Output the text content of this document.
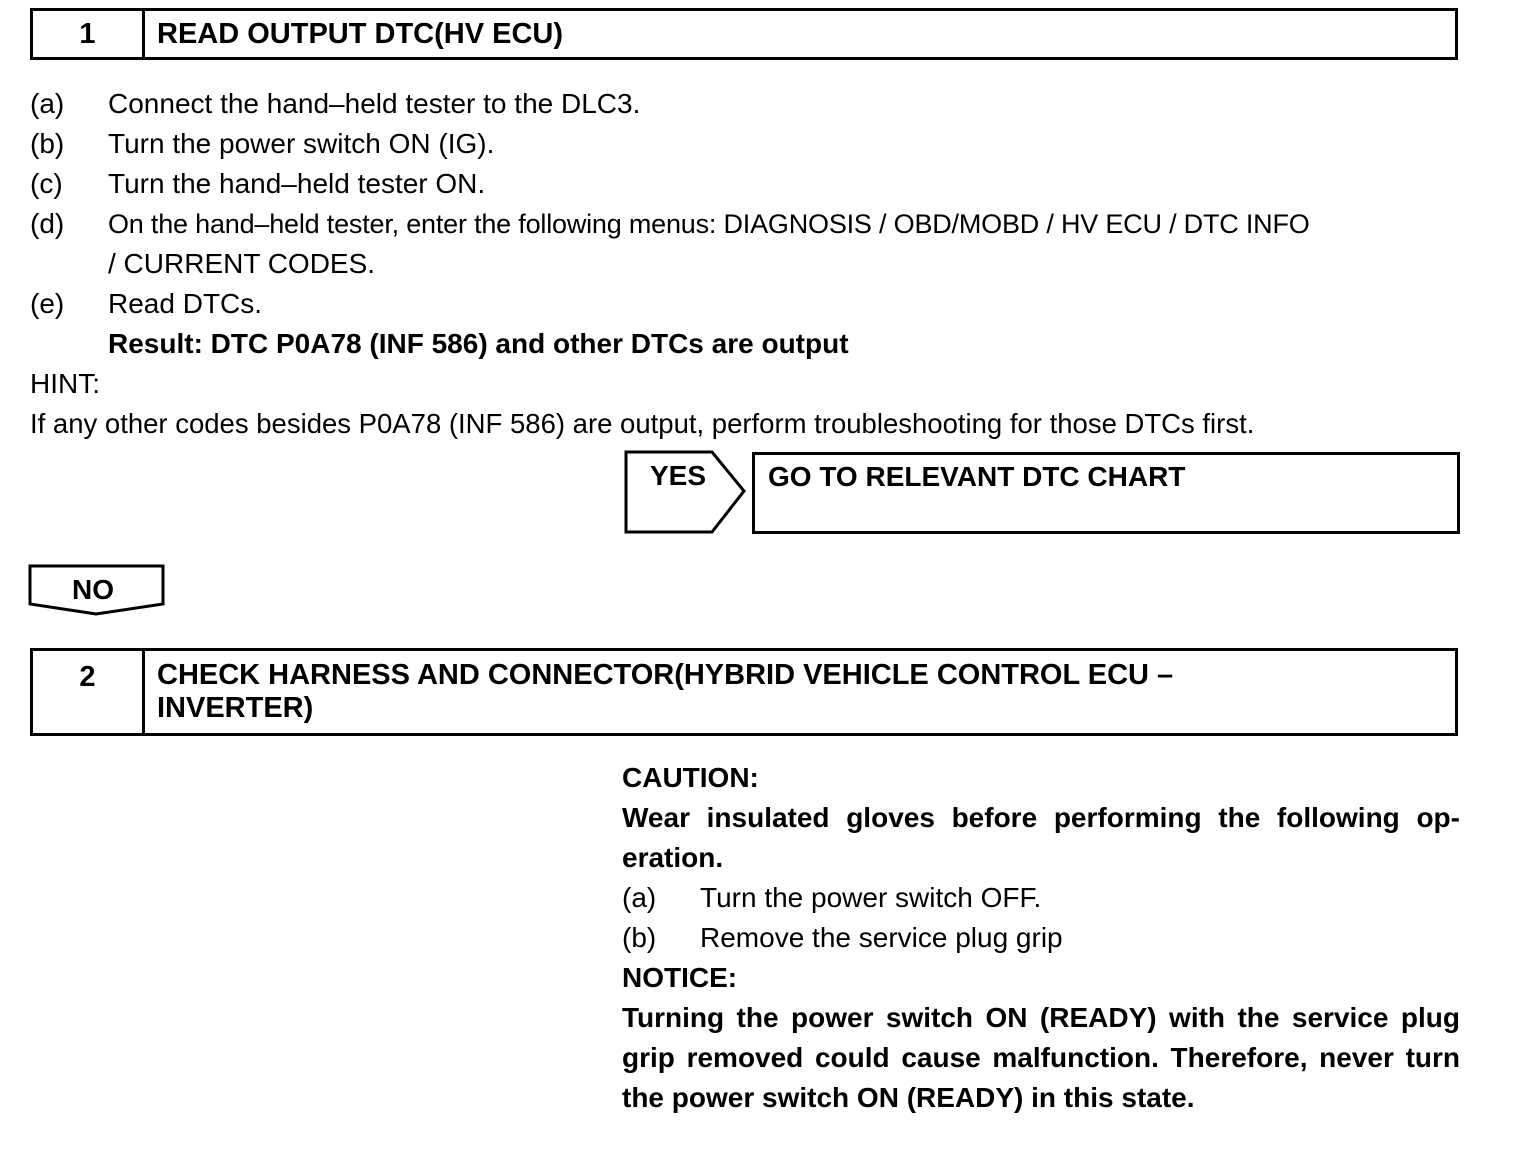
1	READ OUTPUT DTC(HV ECU)
(a) Connect the hand–held tester to the DLC3.
(b) Turn the power switch ON (IG).
(c) Turn the hand–held tester ON.
(d) On the hand–held tester, enter the following menus: DIAGNOSIS / OBD/MOBD / HV ECU / DTC INFO
/ CURRENT CODES.
(e) Read DTCs.
Result: DTC P0A78 (INF 586) and other DTCs are output
HINT:
If any other codes besides P0A78 (INF 586) are output, perform troubleshooting for those DTCs first.
YES	GO TO RELEVANT DTC CHART
NO
2	CHECK HARNESS AND CONNECTOR(HYBRID VEHICLE CONTROL ECU –
INVERTER)
CAUTION:
Wear insulated gloves before performing the following op-eration.
(a) Turn the power switch OFF.
(b) Remove the service plug grip
NOTICE:
Turning the power switch ON (READY) with the service plug grip removed could cause malfunction. Therefore, never turn the power switch ON (READY) in this state.
